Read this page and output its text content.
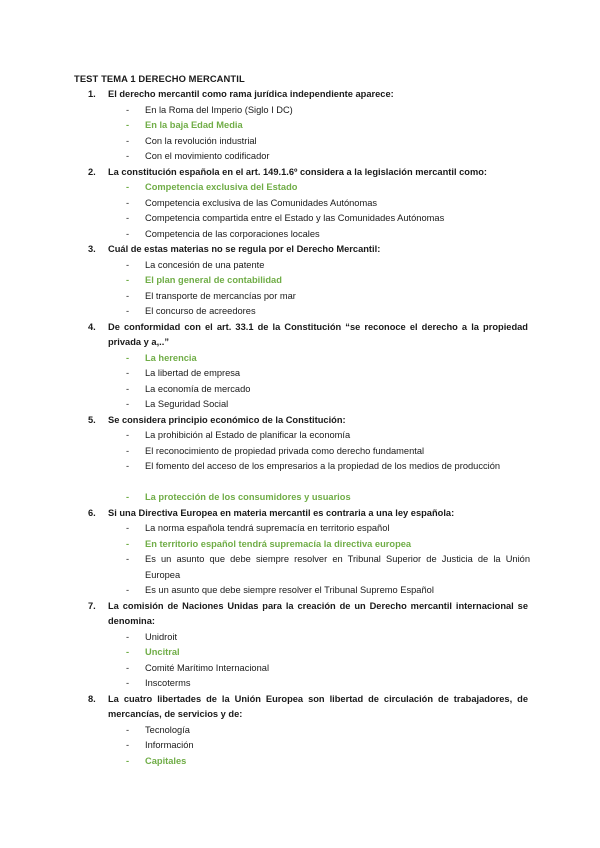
TEST TEMA 1 DERECHO MERCANTIL
1.	El derecho mercantil como rama jurídica independiente aparece:
- En la Roma del Imperio (Siglo I DC)
- En la baja Edad Media
- Con la revolución industrial
- Con el movimiento codificador
2.	La constitución española en el art. 149.1.6º considera a la legislación mercantil como:
- Competencia exclusiva del Estado
- Competencia exclusiva de las Comunidades Autónomas
- Competencia compartida entre el Estado y las Comunidades Autónomas
- Competencia de las corporaciones locales
3.	Cuál de estas materias no se regula por el Derecho Mercantil:
- La concesión de una patente
- El plan general de contabilidad
- El transporte de mercancías por mar
- El concurso de acreedores
4.	De conformidad con el art. 33.1 de la Constitución “se reconoce el derecho a la propiedad privada y a,..”
- La herencia
- La libertad de empresa
- La economía de mercado
- La Seguridad Social
5.	Se considera principio económico de la Constitución:
- La prohibición al Estado de planificar la economía
- El reconocimiento de propiedad privada como derecho fundamental
- El fomento del acceso de los empresarios a la propiedad de los medios de producción
- La protección de los consumidores y usuarios
6.	Si una Directiva Europea en materia mercantil es contraria a una ley española:
- La norma española tendrá supremacía en territorio español
- En territorio español tendrá supremacía la directiva europea
- Es un asunto que debe siempre resolver en Tribunal Superior de Justicia de la Unión Europea
- Es un asunto que debe siempre resolver el Tribunal Supremo Español
7.	La comisión de Naciones Unidas para la creación de un Derecho mercantil internacional se denomina:
- Unidroit
- Uncitral
- Comité Marítimo Internacional
- Inscoterms
8.	La cuatro libertades de la Unión Europea son libertad de circulación de trabajadores, de mercancías, de servicios y de:
- Tecnología
- Información
- Capitales
